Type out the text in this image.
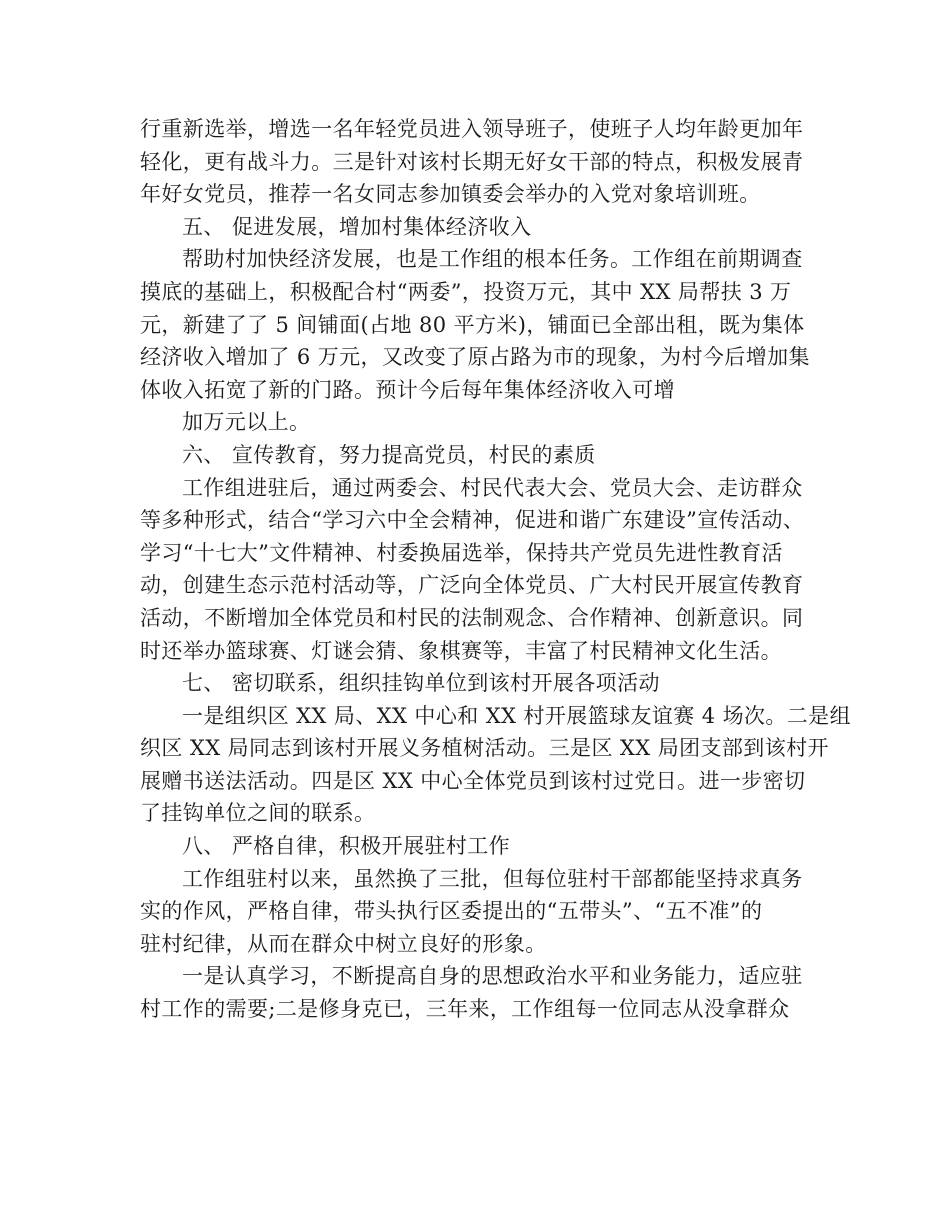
行重新选举，增选一名年轻党员进入领导班子，使班子人均年龄更加年
轻化，更有战斗力。三是针对该村长期无好女干部的特点，积极发展青
年好女党员，推荐一名女同志参加镇委会举办的入党对象培训班。
五、 促进发展，增加村集体经济收入
帮助村加快经济发展，也是工作组的根本任务。工作组在前期调查
摸底的基础上，积极配合村“两委”，投资万元，其中 XX 局帮扶 3 万
元，新建了了 5 间铺面(占地 80 平方米)，铺面已全部出租，既为集体
经济收入增加了 6 万元，又改变了原占路为市的现象，为村今后增加集
体收入拓宽了新的门路。预计今后每年集体经济收入可增
加万元以上。
六、 宣传教育，努力提高党员，村民的素质
工作组进驻后，通过两委会、村民代表大会、党员大会、走访群众
等多种形式，结合“学习六中全会精神，促进和谐广东建设”宣传活动、
学习“十七大”文件精神、村委换届选举，保持共产党员先进性教育活
动，创建生态示范村活动等，广泛向全体党员、广大村民开展宣传教育
活动，不断增加全体党员和村民的法制观念、合作精神、创新意识。同
时还举办篮球赛、灯谜会猜、象棋赛等，丰富了村民精神文化生活。
七、 密切联系，组织挂钩单位到该村开展各项活动
一是组织区 XX 局、XX 中心和 XX 村开展篮球友谊赛 4 场次。二是组
织区 XX 局同志到该村开展义务植树活动。三是区 XX 局团支部到该村开
展赠书送法活动。四是区 XX 中心全体党员到该村过党日。进一步密切
了挂钩单位之间的联系。
八、 严格自律，积极开展驻村工作
工作组驻村以来，虽然换了三批，但每位驻村干部都能坚持求真务
实的作风，严格自律，带头执行区委提出的“五带头”、“五不准”的
驻村纪律，从而在群众中树立良好的形象。
一是认真学习，不断提高自身的思想政治水平和业务能力，适应驻
村工作的需要;二是修身克已，三年来，工作组每一位同志从没拿群众
